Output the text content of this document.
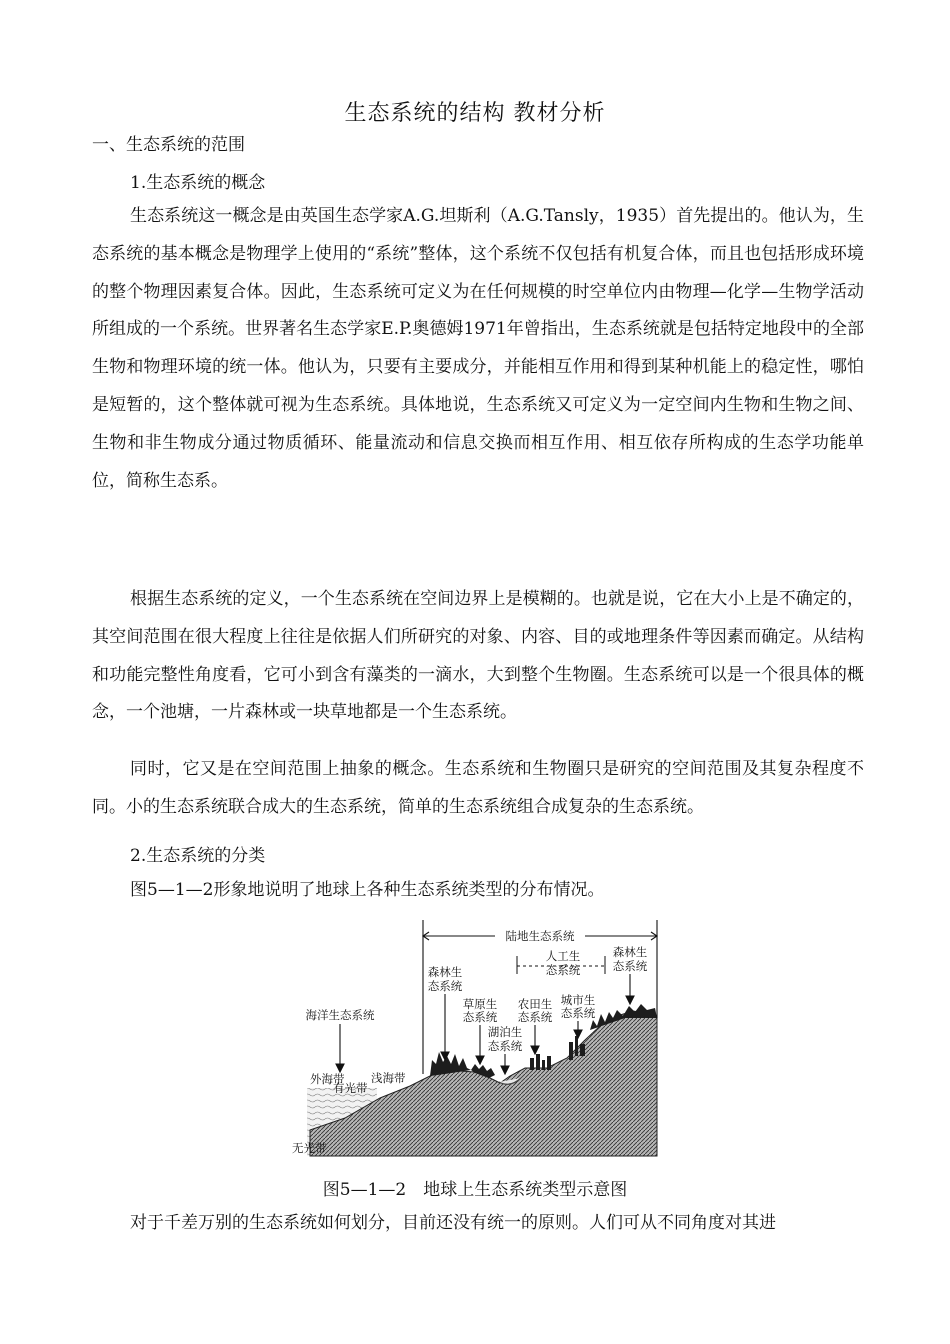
生态系统的结构 教材分析
一、生态系统的范围
1.生态系统的概念

生态系统这一概念是由英国生态学家A.G.坦斯利（A.G.Tansly，1935）首先提出的。他认为，生态系统的基本概念是物理学上使用的“系统”整体，这个系统不仅包括有机复合体，而且也包括形成环境的整个物理因素复合体。因此，生态系统可定义为在任何规模的时空单位内由物理—化学—生物学活动所组成的一个系统。世界著名生态学家E.P.奥德姆1971年曾指出，生态系统就是包括特定地段中的全部生物和物理环境的统一体。他认为，只要有主要成分，并能相互作用和得到某种机能上的稳定性，哪怕是短暂的，这个整体就可视为生态系统。具体地说，生态系统又可定义为一定空间内生物和生物之间、生物和非生物成分通过物质循环、能量流动和信息交换而相互作用、相互依存所构成的生态学功能单位，简称生态系。

根据生态系统的定义，一个生态系统在空间边界上是模糊的。也就是说，它在大小上是不确定的，其空间范围在很大程度上往往是依据人们所研究的对象、内容、目的或地理条件等因素而确定。从结构和功能完整性角度看，它可小到含有藻类的一滴水，大到整个生物圈。生态系统可以是一个很具体的概念，一个池塘，一片森林或一块草地都是一个生态系统。

同时，它又是在空间范围上抽象的概念。生态系统和生物圈只是研究的空间范围及其复杂程度不同。小的生态系统联合成大的生态系统，简单的生态系统组合成复杂的生态系统。

2.生态系统的分类

图5—1—2形象地说明了地球上各种生态系统类型的分布情况。

陆地生态系统
人工生
态系统
森林生
态系统
草原生
态系统
湖泊生
态系统
农田生
态系统
城市生
态系统
森林生
态系统
海洋生态系统
外海带
有光带
浅海带
无光带
图5—1—2　地球上生态系统类型示意图

对于千差万别的生态系统如何划分，目前还没有统一的原则。人们可从不同角度对其进
